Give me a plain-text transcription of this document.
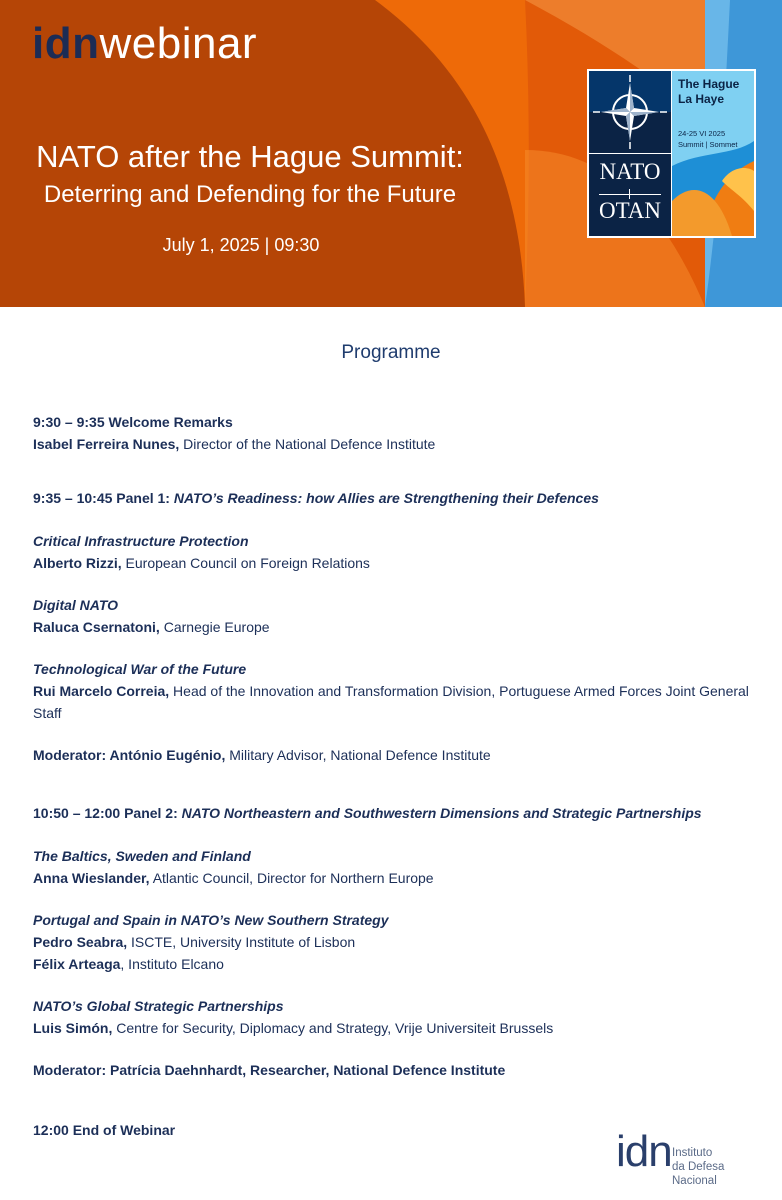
idnwebinar
NATO after the Hague Summit:
Deterring and Defending for the Future
July 1, 2025 | 09:30
NATO
OTAN
The Hague
La Haye
24-25 VI 2025
Summit | Sommet
Programme

9:30 – 9:35 Welcome Remarks

Isabel Ferreira Nunes, Director of the National Defence Institute

9:35 – 10:45 Panel 1: NATO’s Readiness: how Allies are Strengthening their Defences

Critical Infrastructure Protection

Alberto Rizzi, European Council on Foreign Relations

Digital NATO

Raluca Csernatoni, Carnegie Europe

Technological War of the Future

Rui Marcelo Correia, Head of the Innovation and Transformation Division, Portuguese Armed Forces Joint General Staff

Moderator: António Eugénio, Military Advisor, National Defence Institute

10:50 – 12:00 Panel 2: NATO Northeastern and Southwestern Dimensions and Strategic Partnerships

The Baltics, Sweden and Finland

Anna Wieslander, Atlantic Council, Director for Northern Europe

Portugal and Spain in NATO’s New Southern Strategy

Pedro Seabra, ISCTE, University Institute of Lisbon

Félix Arteaga, Instituto Elcano

NATO’s Global Strategic Partnerships

Luis Simón, Centre for Security, Diplomacy and Strategy, Vrije Universiteit Brussels

Moderator: Patrícia Daehnhardt, Researcher, National Defence Institute

12:00 End of Webinar	idn Instituto
da Defesa Nacional
